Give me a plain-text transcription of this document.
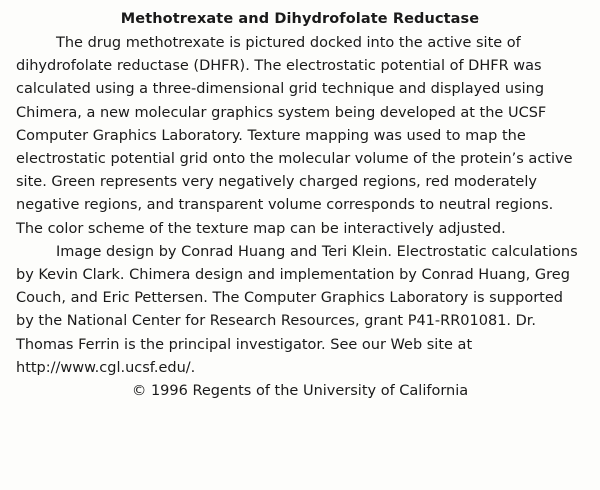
Methotrexate and Dihydrofolate Reductase

The drug methotrexate is pictured docked into the active site of dihydrofolate reductase (DHFR). The electrostatic potential of DHFR was calculated using a three-dimensional grid technique and displayed using Chimera, a new molecular graphics system being developed at the UCSF Computer Graphics Laboratory. Texture mapping was used to map the electrostatic potential grid onto the molecular volume of the protein’s active site. Green represents very negatively charged regions, red moderately negative regions, and transparent volume corresponds to neutral regions. The color scheme of the texture map can be interactively adjusted.

Image design by Conrad Huang and Teri Klein. Electrostatic calculations by Kevin Clark. Chimera design and implementation by Conrad Huang, Greg Couch, and Eric Pettersen. The Computer Graphics Laboratory is supported by the National Center for Research Resources, grant P41-RR01081. Dr. Thomas Ferrin is the principal investigator. See our Web site at http://www.cgl.ucsf.edu/.

© 1996 Regents of the University of California
